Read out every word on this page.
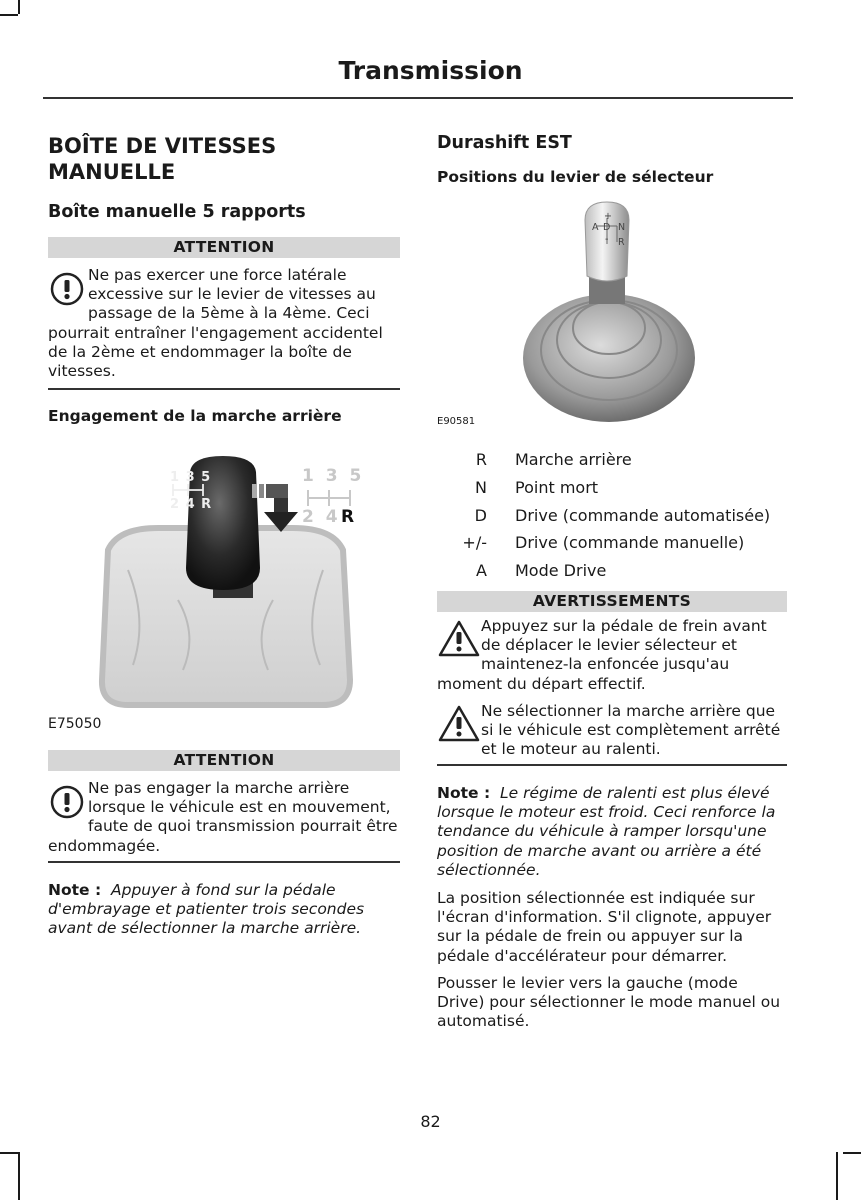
Transmission
BOÎTE DE VITESSES
MANUELLE
Boîte manuelle 5 rapports
ATTENTION
Ne pas exercer une force latérale excessive sur le levier de vitesses au passage de la 5ème à la 4ème. Ceci pourrait entraîner l'engagement accidentel de la 2ème et endommager la boîte de vitesses.
Engagement de la marche arrière
1 3 5
2 4 R
1 3 5
2 4 R
E75050
ATTENTION
Ne pas engager la marche arrière lorsque le véhicule est en mouvement, faute de quoi transmission pourrait être endommagée.
Note : Appuyer à fond sur la pédale d'embrayage et patienter trois secondes avant de sélectionner la marche arrière.
Durashift EST
Positions du levier de sélecteur
A D N
R
+
-
E90581
R Marche arrière
N Point mort
D Drive (commande automatisée)
+/- Drive (commande manuelle)
A Mode Drive
AVERTISSEMENTS
Appuyez sur la pédale de frein avant de déplacer le levier sélecteur et maintenez-la enfoncée jusqu'au moment du départ effectif.
Ne sélectionner la marche arrière que si le véhicule est complètement arrêté et le moteur au ralenti.
Note : Le régime de ralenti est plus élevé lorsque le moteur est froid. Ceci renforce la tendance du véhicule à ramper lorsqu'une position de marche avant ou arrière a été sélectionnée.
La position sélectionnée est indiquée sur l'écran d'information. S'il clignote, appuyer sur la pédale de frein ou appuyer sur la pédale d'accélérateur pour démarrer.
Pousser le levier vers la gauche (mode Drive) pour sélectionner le mode manuel ou automatisé.
82
